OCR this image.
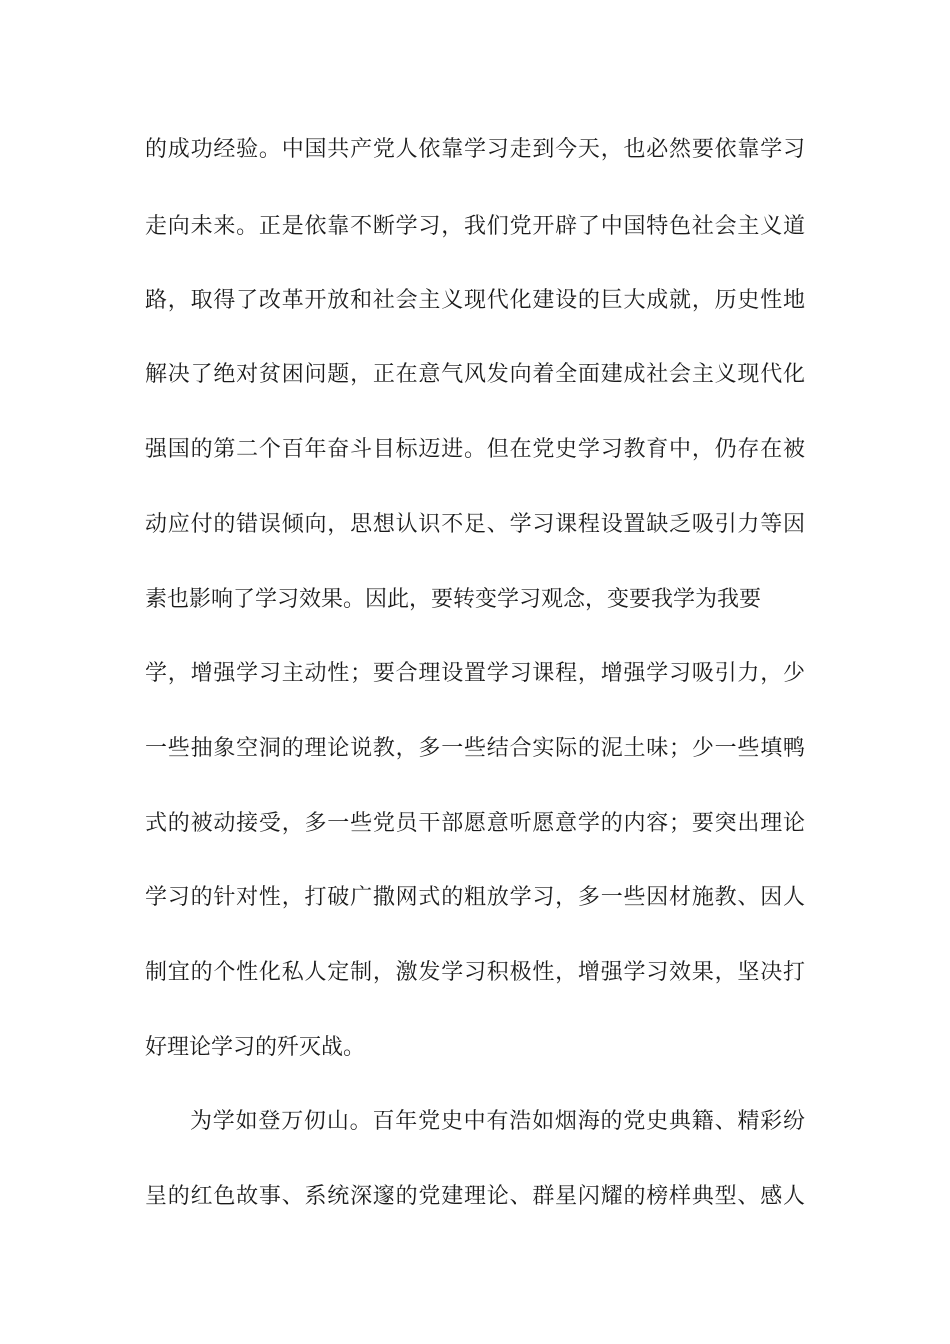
的成功经验。中国共产党人依靠学习走到今天，也必然要依靠学习
走向未来。正是依靠不断学习，我们党开辟了中国特色社会主义道
路，取得了改革开放和社会主义现代化建设的巨大成就，历史性地
解决了绝对贫困问题，正在意气风发向着全面建成社会主义现代化
强国的第二个百年奋斗目标迈进。但在党史学习教育中，仍存在被
动应付的错误倾向，思想认识不足、学习课程设置缺乏吸引力等因
素也影响了学习效果。因此，要转变学习观念，变要我学为我要
学，增强学习主动性；要合理设置学习课程，增强学习吸引力，少
一些抽象空洞的理论说教，多一些结合实际的泥土味；少一些填鸭
式的被动接受，多一些党员干部愿意听愿意学的内容；要突出理论
学习的针对性，打破广撒网式的粗放学习，多一些因材施教、因人
制宜的个性化私人定制，激发学习积极性，增强学习效果，坚决打
好理论学习的歼灭战。
为学如登万仞山。百年党史中有浩如烟海的党史典籍、精彩纷
呈的红色故事、系统深邃的党建理论、群星闪耀的榜样典型、感人
